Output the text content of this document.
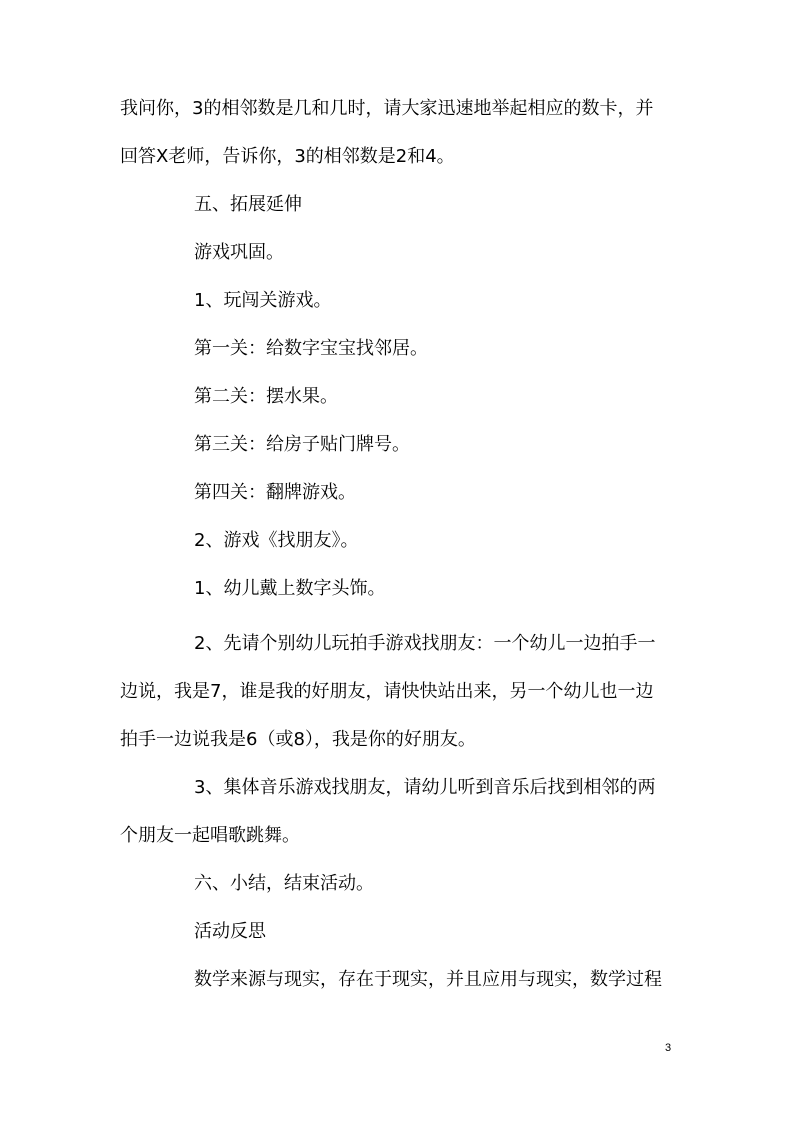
我问你，3的相邻数是几和几时，请大家迅速地举起相应的数卡，并
回答X老师，告诉你，3的相邻数是2和4。
五、拓展延伸
游戏巩固。
1、玩闯关游戏。
第一关：给数字宝宝找邻居。
第二关：摆水果。
第三关：给房子贴门牌号。
第四关：翻牌游戏。
2、游戏《找朋友》。
1、幼儿戴上数字头饰。
2、先请个别幼儿玩拍手游戏找朋友：一个幼儿一边拍手一
边说，我是7，谁是我的好朋友，请快快站出来，另一个幼儿也一边
拍手一边说我是6（或8），我是你的好朋友。
3、集体音乐游戏找朋友，请幼儿听到音乐后找到相邻的两
个朋友一起唱歌跳舞。
六、小结，结束活动。
活动反思
数学来源与现实，存在于现实，并且应用与现实，数学过程
3
